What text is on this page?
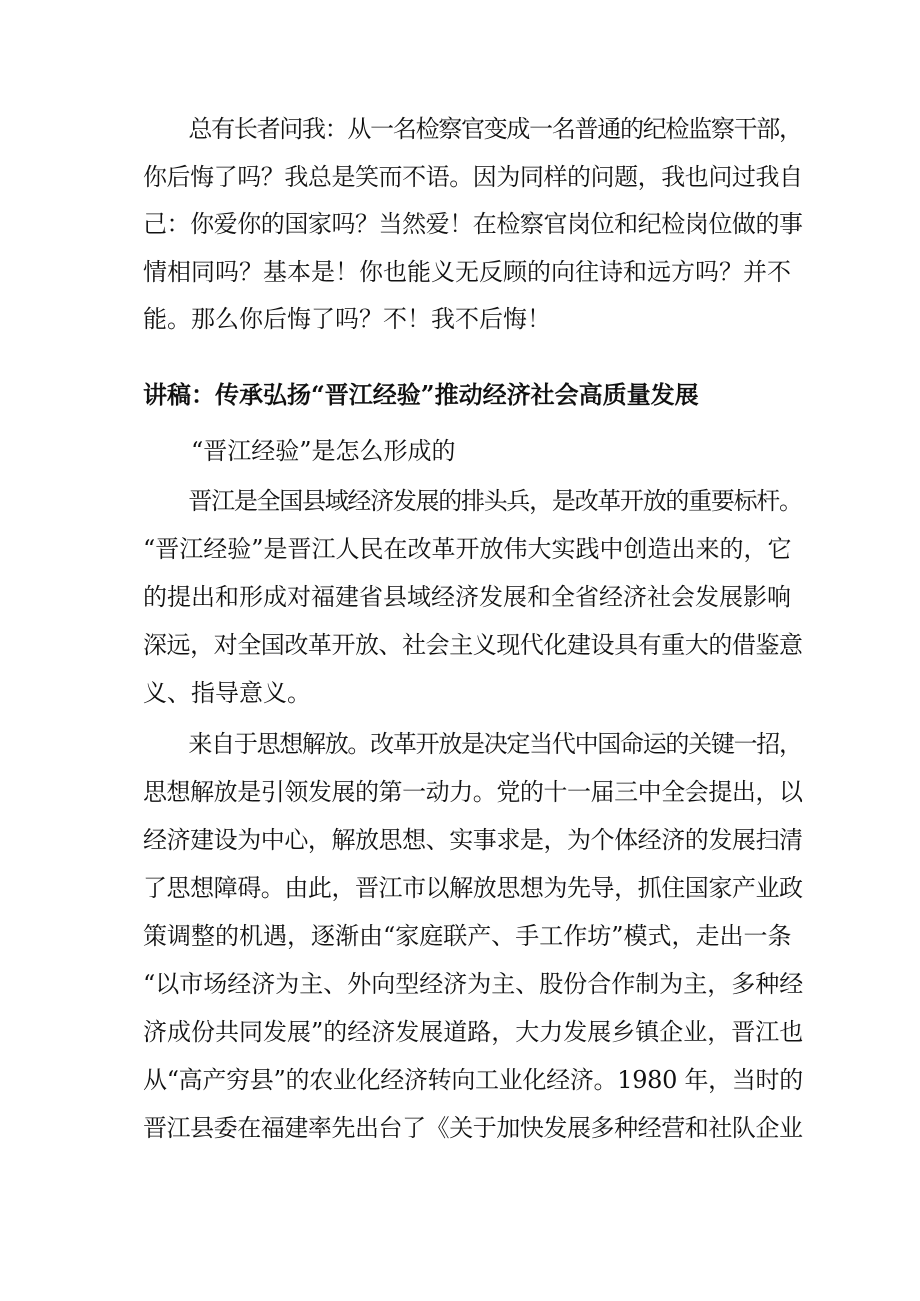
　　总有长者问我：从一名检察官变成一名普通的纪检监察干部，
你后悔了吗？我总是笑而不语。因为同样的问题，我也问过我自
己：你爱你的国家吗？当然爱！在检察官岗位和纪检岗位做的事
情相同吗？基本是！你也能义无反顾的向往诗和远方吗？并不
能。那么你后悔了吗？不！我不后悔！
讲稿：传承弘扬“晋江经验”推动经济社会高质量发展
　　“晋江经验”是怎么形成的
　　晋江是全国县域经济发展的排头兵，是改革开放的重要标杆。
“晋江经验”是晋江人民在改革开放伟大实践中创造出来的，它
的提出和形成对福建省县域经济发展和全省经济社会发展影响
深远，对全国改革开放、社会主义现代化建设具有重大的借鉴意
义、指导意义。
　　来自于思想解放。改革开放是决定当代中国命运的关键一招，
思想解放是引领发展的第一动力。党的十一届三中全会提出，以
经济建设为中心，解放思想、实事求是，为个体经济的发展扫清
了思想障碍。由此，晋江市以解放思想为先导，抓住国家产业政
策调整的机遇，逐渐由“家庭联产、手工作坊”模式，走出一条
“以市场经济为主、外向型经济为主、股份合作制为主，多种经
济成份共同发展”的经济发展道路，大力发展乡镇企业，晋江也
从“高产穷县”的农业化经济转向工业化经济。1980 年，当时的
晋江县委在福建率先出台了《关于加快发展多种经营和社队企业
